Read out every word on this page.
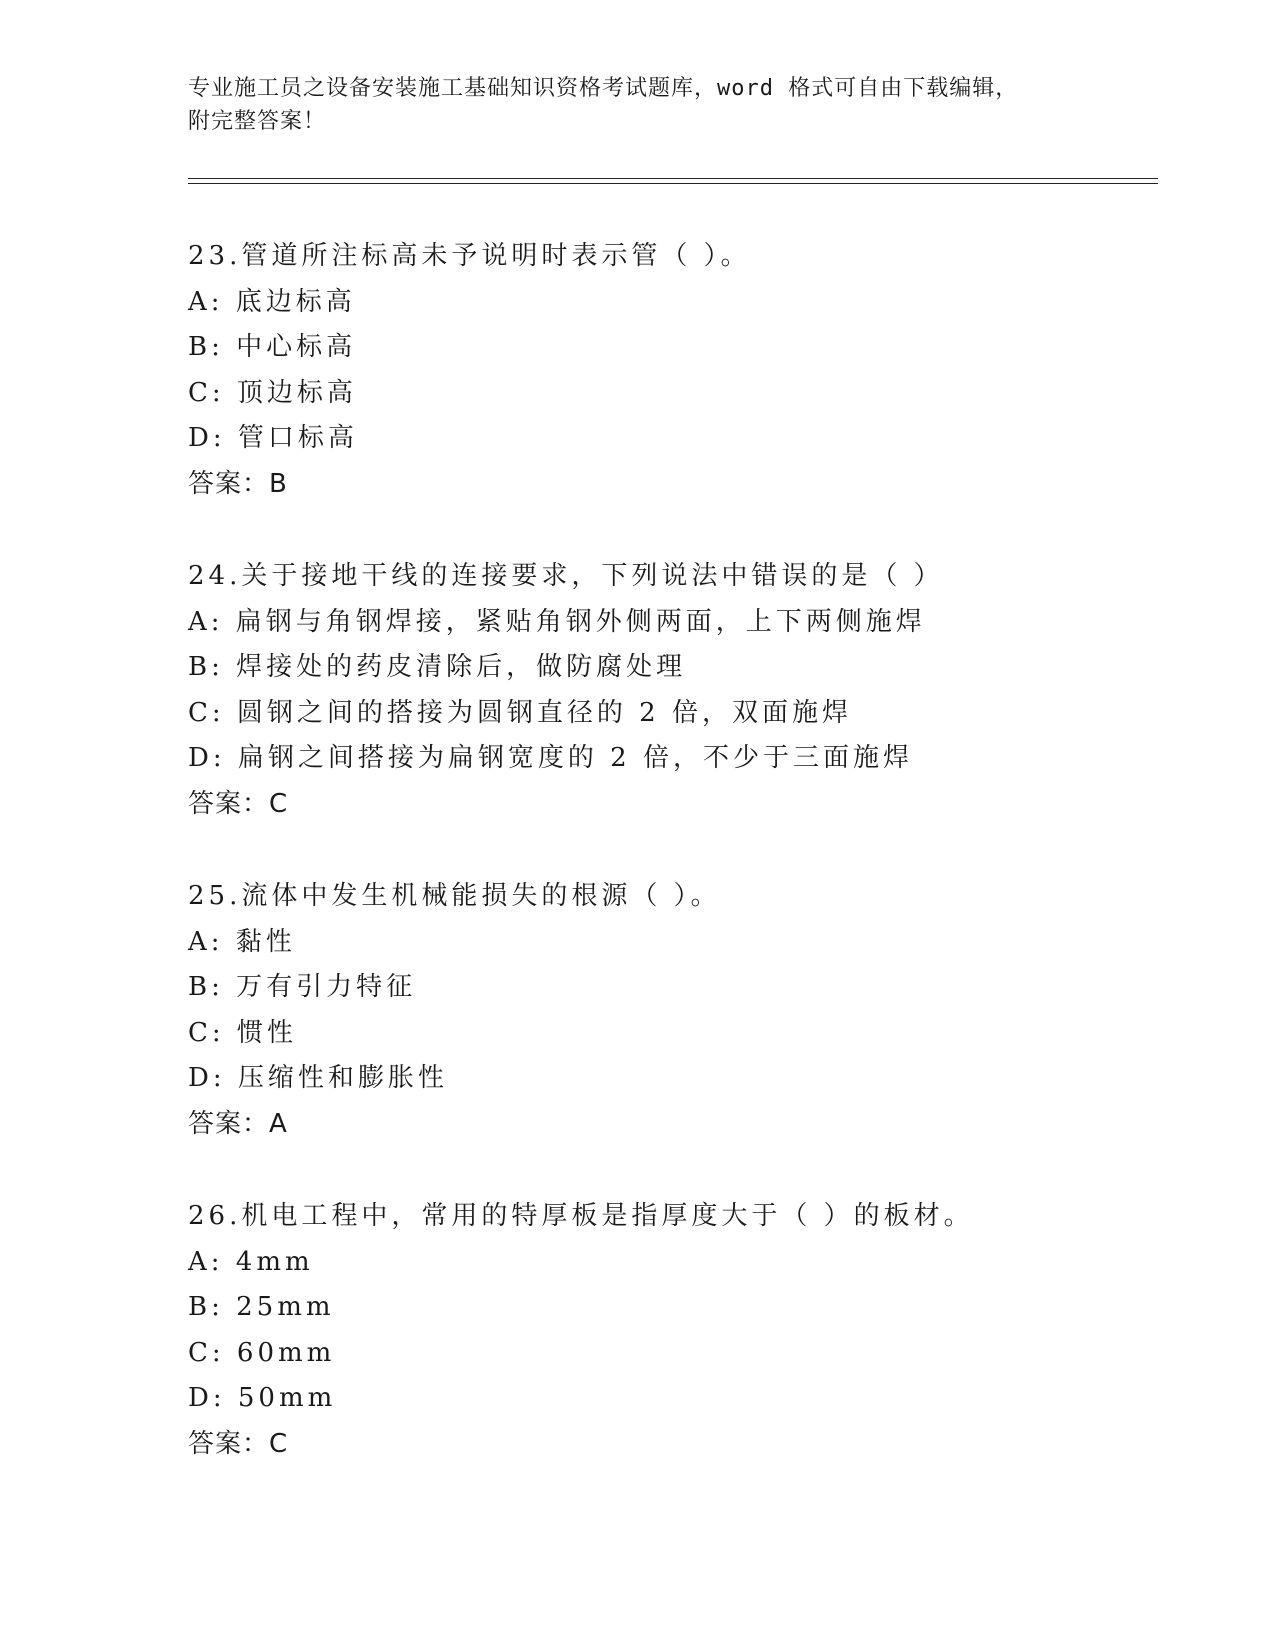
专业施工员之设备安装施工基础知识资格考试题库，word 格式可自由下载编辑，
附完整答案！
23.管道所注标高未予说明时表示管（ ）。
A: 底边标高
B: 中心标高
C: 顶边标高
D: 管口标高
答案：B
24.关于接地干线的连接要求，下列说法中错误的是（ ）
A: 扁钢与角钢焊接，紧贴角钢外侧两面，上下两侧施焊
B: 焊接处的药皮清除后，做防腐处理
C: 圆钢之间的搭接为圆钢直径的 2 倍，双面施焊
D: 扁钢之间搭接为扁钢宽度的 2 倍，不少于三面施焊
答案：C
25.流体中发生机械能损失的根源（ ）。
A: 黏性
B: 万有引力特征
C: 惯性
D: 压缩性和膨胀性
答案：A
26.机电工程中，常用的特厚板是指厚度大于（ ）的板材。
A: 4mm
B: 25mm
C: 60mm
D: 50mm
答案：C
